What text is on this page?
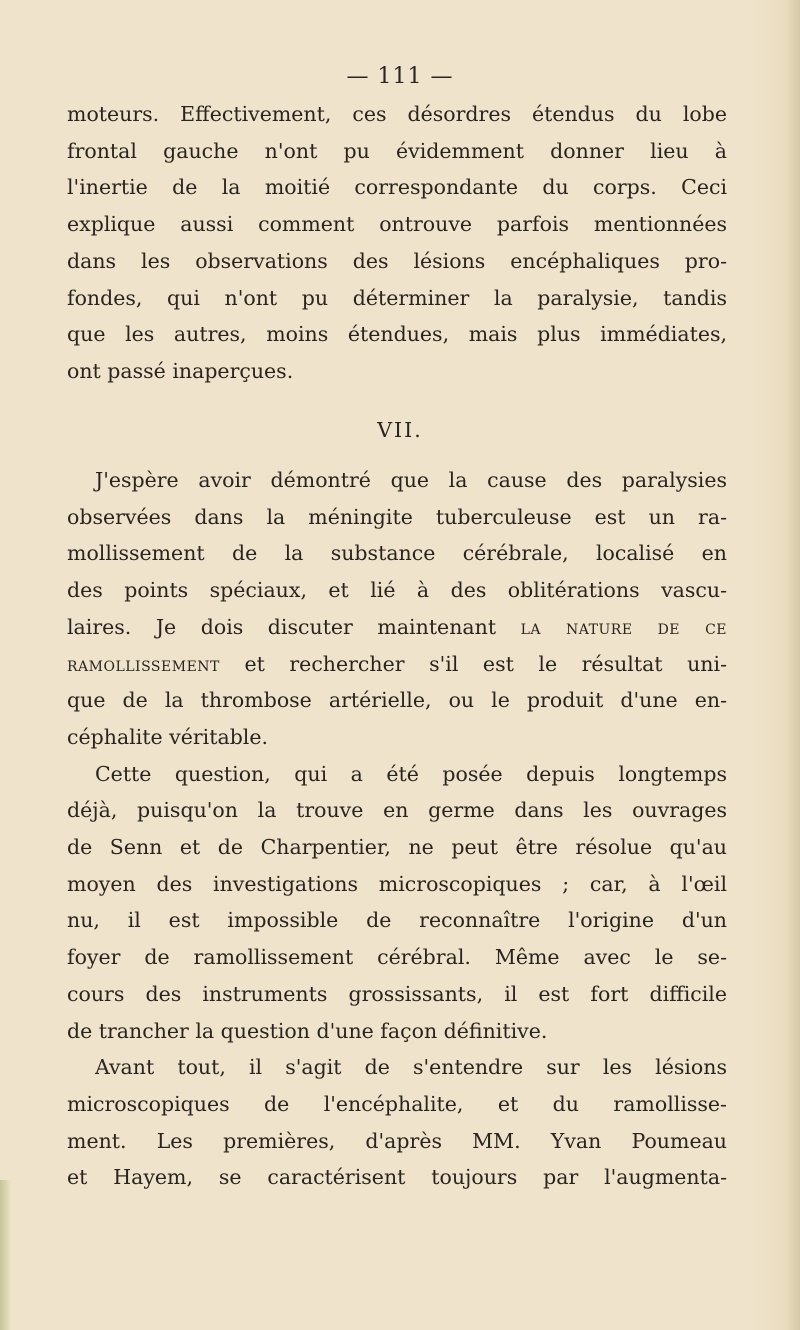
— 111 —

moteurs. Effectivement, ces désordres étendus du lobe
frontal gauche n'ont pu évidemment donner lieu à
l'inertie de la moitié correspondante du corps. Ceci
explique aussi comment ontrouve parfois mentionnées
dans les observations des lésions encéphaliques pro-
fondes, qui n'ont pu déterminer la paralysie, tandis
que les autres, moins étendues, mais plus immédiates,
ont passé inaperçues.

VII.

J'espère avoir démontré que la cause des paralysies
observées dans la méningite tuberculeuse est un ra-
mollissement de la substance cérébrale, localisé en
des points spéciaux, et lié à des oblitérations vascu-
laires. Je dois discuter maintenant la nature de ce
ramollissement et rechercher s'il est le résultat uni-
que de la thrombose artérielle, ou le produit d'une en-
céphalite véritable.

Cette question, qui a été posée depuis longtemps
déjà, puisqu'on la trouve en germe dans les ouvrages
de Senn et de Charpentier, ne peut être résolue qu'au
moyen des investigations microscopiques ; car, à l'œil
nu, il est impossible de reconnaître l'origine d'un
foyer de ramollissement cérébral. Même avec le se-
cours des instruments grossissants, il est fort difficile
de trancher la question d'une façon définitive.

Avant tout, il s'agit de s'entendre sur les lésions
microscopiques de l'encéphalite, et du ramollisse-
ment. Les premières, d'après MM. Yvan Poumeau
et Hayem, se caractérisent toujours par l'augmenta-
